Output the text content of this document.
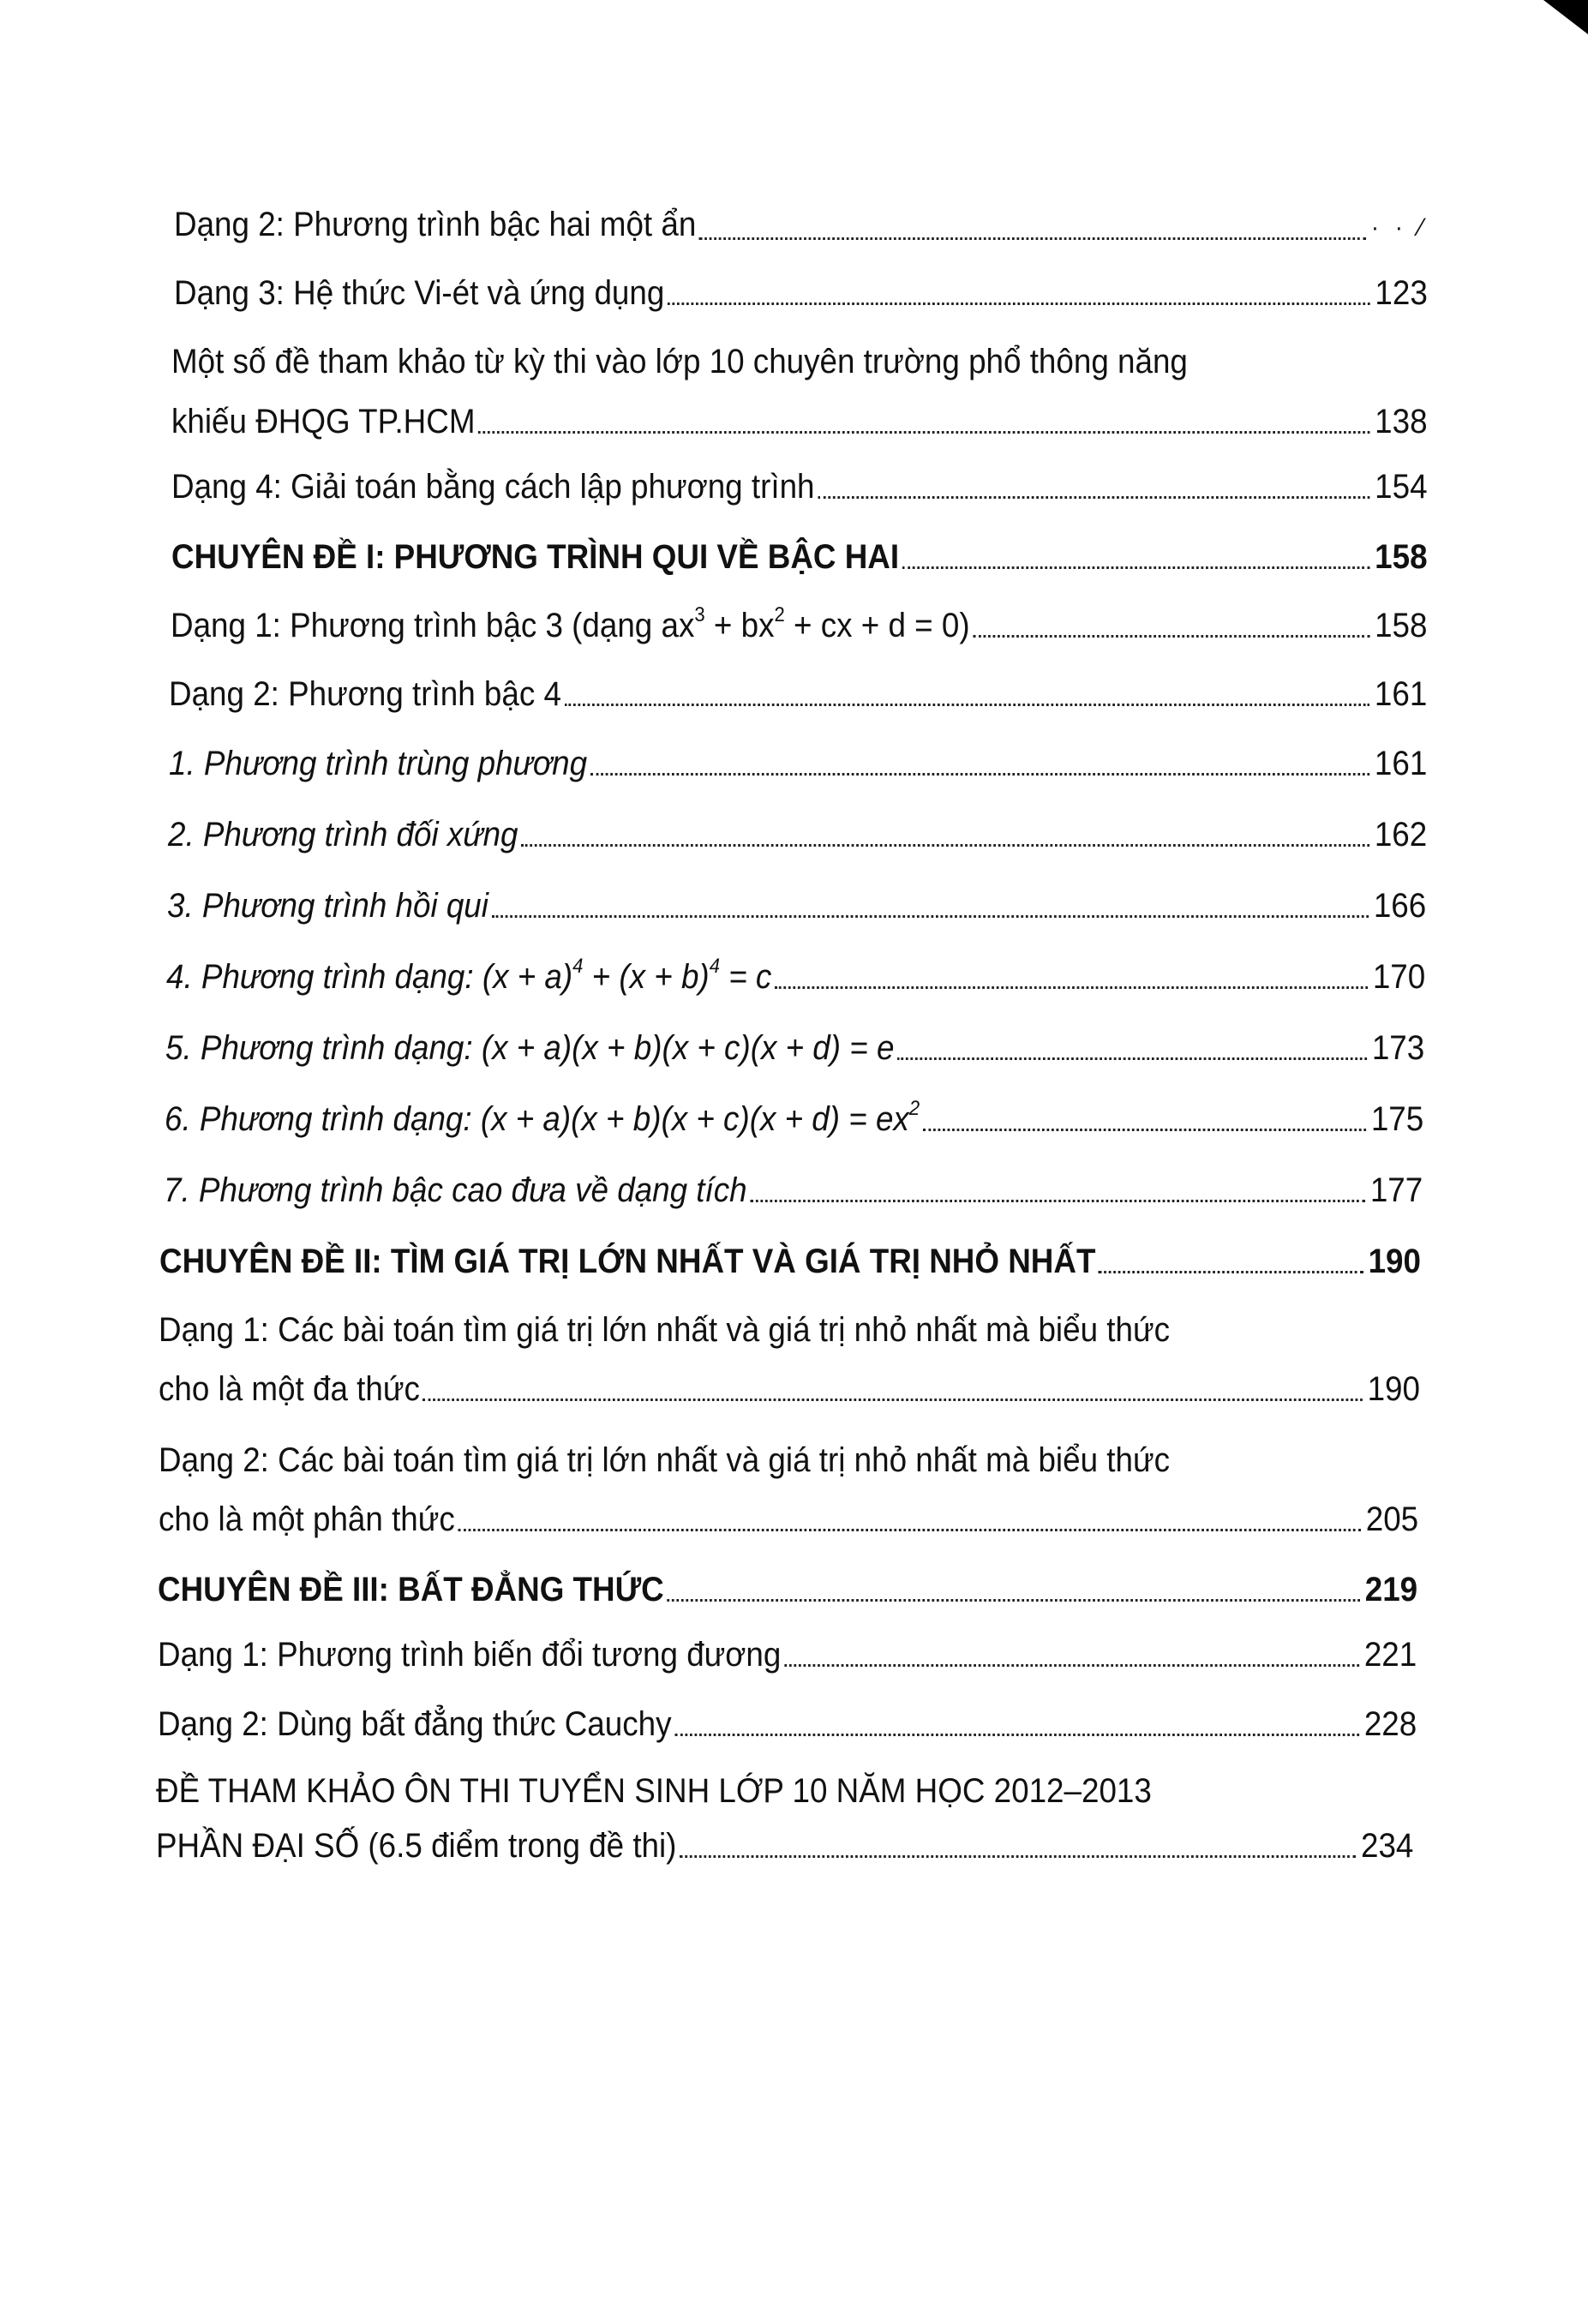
Dạng 2: Phương trình bậc hai một ẩn	· · ⁄
Dạng 3: Hệ thức Vi-ét và ứng dụng	123
Một số đề tham khảo từ kỳ thi vào lớp 10 chuyên trường phổ thông năng
khiếu ĐHQG TP.HCM	138
Dạng 4: Giải toán bằng cách lập phương trình	154
CHUYÊN ĐỀ I: PHƯƠNG TRÌNH QUI VỀ BẬC HAI	158
Dạng 1: Phương trình bậc 3 (dạng $ax^3 + bx^2$ + cx + d = 0)	158
Dạng 2: Phương trình bậc 4	161
1. Phương trình trùng phương	161
2. Phương trình đối xứng	162
3. Phương trình hồi qui	166
4. Phương trình dạng: $(x + a)^4 + (x + b)^4 = c$	170
5. Phương trình dạng: (x + a)(x + b)(x + c)(x + d) = e	173
6. Phương trình dạng: $(x + a)(x + b)(x + c)(x + d) = ex^2$	175
7. Phương trình bậc cao đưa về dạng tích	177
CHUYÊN ĐỀ II: TÌM GIÁ TRỊ LỚN NHẤT VÀ GIÁ TRỊ NHỎ NHẤT	190
Dạng 1: Các bài toán tìm giá trị lớn nhất và giá trị nhỏ nhất mà biểu thức
cho là một đa thức	190
Dạng 2: Các bài toán tìm giá trị lớn nhất và giá trị nhỏ nhất mà biểu thức
cho là một phân thức	205
CHUYÊN ĐỀ III: BẤT ĐẲNG THỨC	219
Dạng 1: Phương trình biến đổi tương đương	221
Dạng 2: Dùng bất đẳng thức Cauchy	228
ĐỀ THAM KHẢO ÔN THI TUYỂN SINH LỚP 10 NĂM HỌC 2012–2013
PHẦN ĐẠI SỐ (6.5 điểm trong đề thi)	234
